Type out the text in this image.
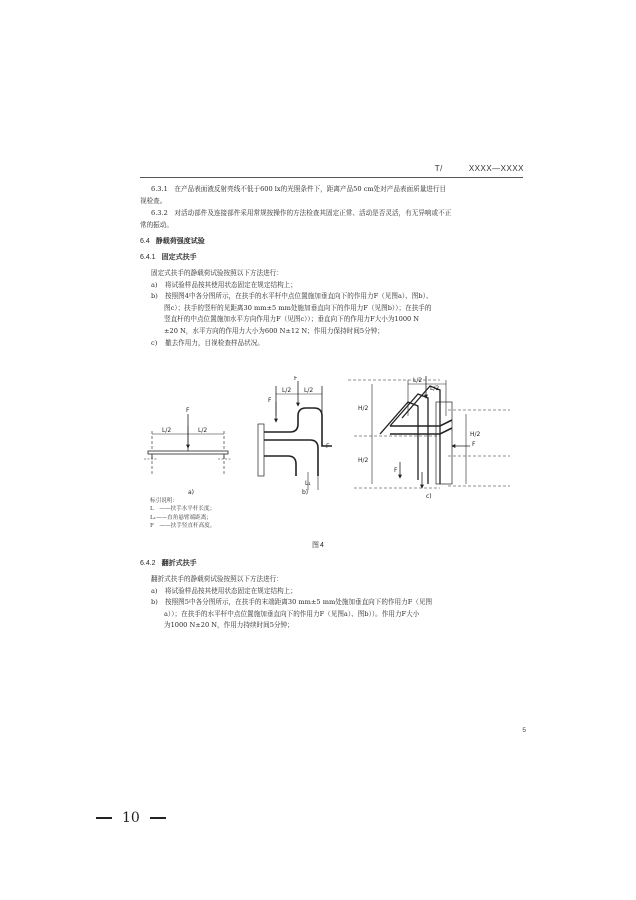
T/	XXXX—XXXX
6.3.1　在产品表面液反射亮线不低于600 lx的光照条件下，距离产品50 cm处对产品表面质量进行目
视检查。
6.3.2　对活动部件及连接部件采用常规按操作的方法检查其固定正常、活动是否灵活，有无异响或不正
常的振动。
6.4 静载荷强度试验
6.4.1 固定式扶手
固定式扶手的静载荷试验按照以下方法进行：
a) 将试验样品按其使用状态固定在规定结构上；
b) 按照图4中各分图所示，在扶手的水平杆中点位置施加垂直向下的作用力F（见图a）、图b）、
图c）；扶手的竖杆的见距离30 mm±5 mm处施加垂直向下的作用力F（见图b））；在扶手的
竖直杆的中点位置施加水平方向作用力F（见图c））；垂直向下的作用力F大小为1000 N
±20 N，水平方向的作用力大小为600 N±12 N；作用力保持时间5分钟；
c) 撤去作用力，目视检查样品状况。
F
L/2	L/2
a)
F
F
L/2 L/2
L₁
F
b)
L/2
L/2
H/2
H/2
H/2
F
F
c)
标引说明：
L　——扶手水平杆长度；
L₁——直角悬臂端距离；
F　——扶手竖直杆高度。
图4
6.4.2 翻折式扶手
翻折式扶手的静载荷试验按照以下方法进行：
a) 将试验样品按其使用状态固定在规定结构上；
b) 按照图5中各分图所示，在扶手的末端距离30 mm±5 mm处施加垂直向下的作用力F（见图
a））；在扶手的水平杆中点位置施加垂直向下的作用力F（见图a）、图b））。作用力F大小
为1000 N±20 N，作用力持续时间5分钟；
5
10
